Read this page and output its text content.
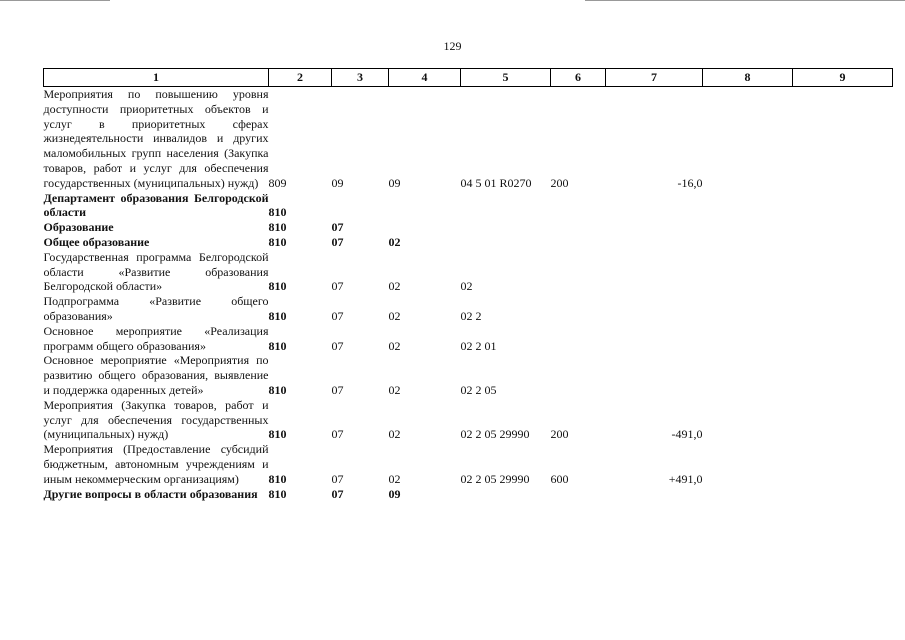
129
1	2	3	4	5	6	7	8	9
Мероприятия по повышению уровня доступности приоритетных объектов и услуг в приоритетных сферах жизнедеятельности инвалидов и других маломобильных групп населения (Закупка товаров, работ и услуг для обеспечения государственных (муниципальных) нужд)	809	09	09	04 5 01 R0270	200	-16,0		
Департамент образования Белгородской области	810							
Образование	810	07						
Общее образование	810	07	02					
Государственная программа Белгородской области «Развитие образования Белгородской области»	810	07	02	02				
Подпрограмма «Развитие общего образования»	810	07	02	02 2				
Основное мероприятие «Реализация программ общего образования»	810	07	02	02 2 01				
Основное мероприятие «Мероприятия по развитию общего образования, выявление и поддержка одаренных детей»	810	07	02	02 2 05				
Мероприятия (Закупка товаров, работ и услуг для обеспечения государственных (муниципальных) нужд)	810	07	02	02 2 05 29990	200	-491,0		
Мероприятия (Предоставление субсидий бюджетным, автономным учреждениям и иным некоммерческим организациям)	810	07	02	02 2 05 29990	600	+491,0		
Другие вопросы в области образования	810	07	09					
